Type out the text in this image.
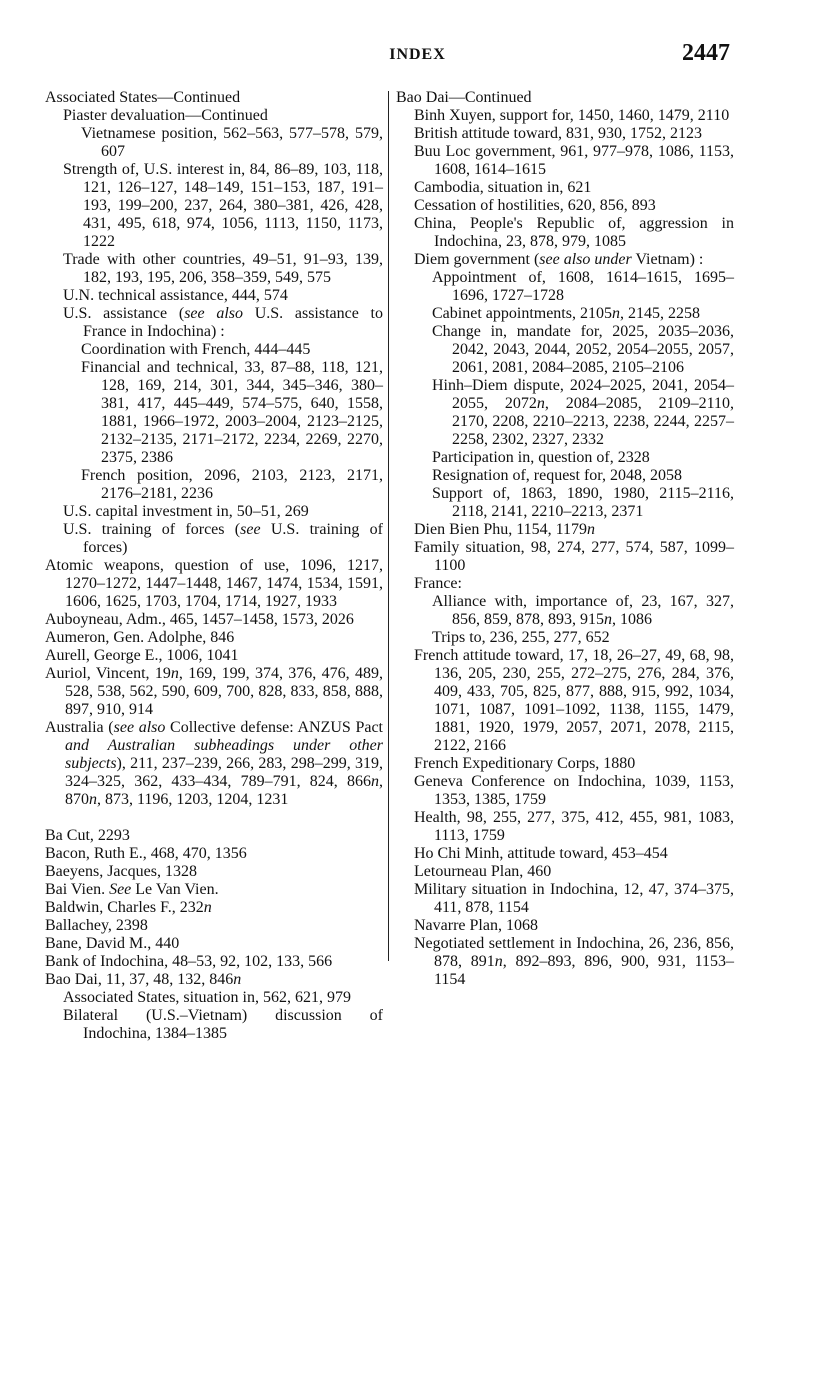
INDEX	2447
Associated States—Continued
Piaster devaluation—Continued
Vietnamese position, 562–563, 577–578, 579, 607
Strength of, U.S. interest in, 84, 86–89, 103, 118, 121, 126–127, 148–149, 151–153, 187, 191–193, 199–200, 237, 264, 380–381, 426, 428, 431, 495, 618, 974, 1056, 1113, 1150, 1173, 1222
Trade with other countries, 49–51, 91–93, 139, 182, 193, 195, 206, 358–359, 549, 575
U.N. technical assistance, 444, 574
U.S. assistance (see also U.S. assistance to France in Indochina) :
Coordination with French, 444–445
Financial and technical, 33, 87–88, 118, 121, 128, 169, 214, 301, 344, 345–346, 380–381, 417, 445–449, 574–575, 640, 1558, 1881, 1966–1972, 2003–2004, 2123–2125, 2132–2135, 2171–2172, 2234, 2269, 2270, 2375, 2386
French position, 2096, 2103, 2123, 2171, 2176–2181, 2236
U.S. capital investment in, 50–51, 269
U.S. training of forces (see U.S. training of forces)
Atomic weapons, question of use, 1096, 1217, 1270–1272, 1447–1448, 1467, 1474, 1534, 1591, 1606, 1625, 1703, 1704, 1714, 1927, 1933
Auboyneau, Adm., 465, 1457–1458, 1573, 2026
Aumeron, Gen. Adolphe, 846
Aurell, George E., 1006, 1041
Auriol, Vincent, 19n, 169, 199, 374, 376, 476, 489, 528, 538, 562, 590, 609, 700, 828, 833, 858, 888, 897, 910, 914
Australia (see also Collective defense: ANZUS Pact and Australian subheadings under other subjects), 211, 237–239, 266, 283, 298–299, 319, 324–325, 362, 433–434, 789–791, 824, 866n, 870n, 873, 1196, 1203, 1204, 1231
Ba Cut, 2293
Bacon, Ruth E., 468, 470, 1356
Baeyens, Jacques, 1328
Bai Vien. See Le Van Vien.
Baldwin, Charles F., 232n
Ballachey, 2398
Bane, David M., 440
Bank of Indochina, 48–53, 92, 102, 133, 566
Bao Dai, 11, 37, 48, 132, 846n
Associated States, situation in, 562, 621, 979
Bilateral (U.S.–Vietnam) discussion of Indochina, 1384–1385
Bao Dai—Continued
Binh Xuyen, support for, 1450, 1460, 1479, 2110
British attitude toward, 831, 930, 1752, 2123
Buu Loc government, 961, 977–978, 1086, 1153, 1608, 1614–1615
Cambodia, situation in, 621
Cessation of hostilities, 620, 856, 893
China, People's Republic of, aggression in Indochina, 23, 878, 979, 1085
Diem government (see also under Vietnam) :
Appointment of, 1608, 1614–1615, 1695–1696, 1727–1728
Cabinet appointments, 2105n, 2145, 2258
Change in, mandate for, 2025, 2035–2036, 2042, 2043, 2044, 2052, 2054–2055, 2057, 2061, 2081, 2084–2085, 2105–2106
Hinh–Diem dispute, 2024–2025, 2041, 2054–2055, 2072n, 2084–2085, 2109–2110, 2170, 2208, 2210–2213, 2238, 2244, 2257–2258, 2302, 2327, 2332
Participation in, question of, 2328
Resignation of, request for, 2048, 2058
Support of, 1863, 1890, 1980, 2115–2116, 2118, 2141, 2210–2213, 2371
Dien Bien Phu, 1154, 1179n
Family situation, 98, 274, 277, 574, 587, 1099–1100
France:
Alliance with, importance of, 23, 167, 327, 856, 859, 878, 893, 915n, 1086
Trips to, 236, 255, 277, 652
French attitude toward, 17, 18, 26–27, 49, 68, 98, 136, 205, 230, 255, 272–275, 276, 284, 376, 409, 433, 705, 825, 877, 888, 915, 992, 1034, 1071, 1087, 1091–1092, 1138, 1155, 1479, 1881, 1920, 1979, 2057, 2071, 2078, 2115, 2122, 2166
French Expeditionary Corps, 1880
Geneva Conference on Indochina, 1039, 1153, 1353, 1385, 1759
Health, 98, 255, 277, 375, 412, 455, 981, 1083, 1113, 1759
Ho Chi Minh, attitude toward, 453–454
Letourneau Plan, 460
Military situation in Indochina, 12, 47, 374–375, 411, 878, 1154
Navarre Plan, 1068
Negotiated settlement in Indochina, 26, 236, 856, 878, 891n, 892–893, 896, 900, 931, 1153–1154
